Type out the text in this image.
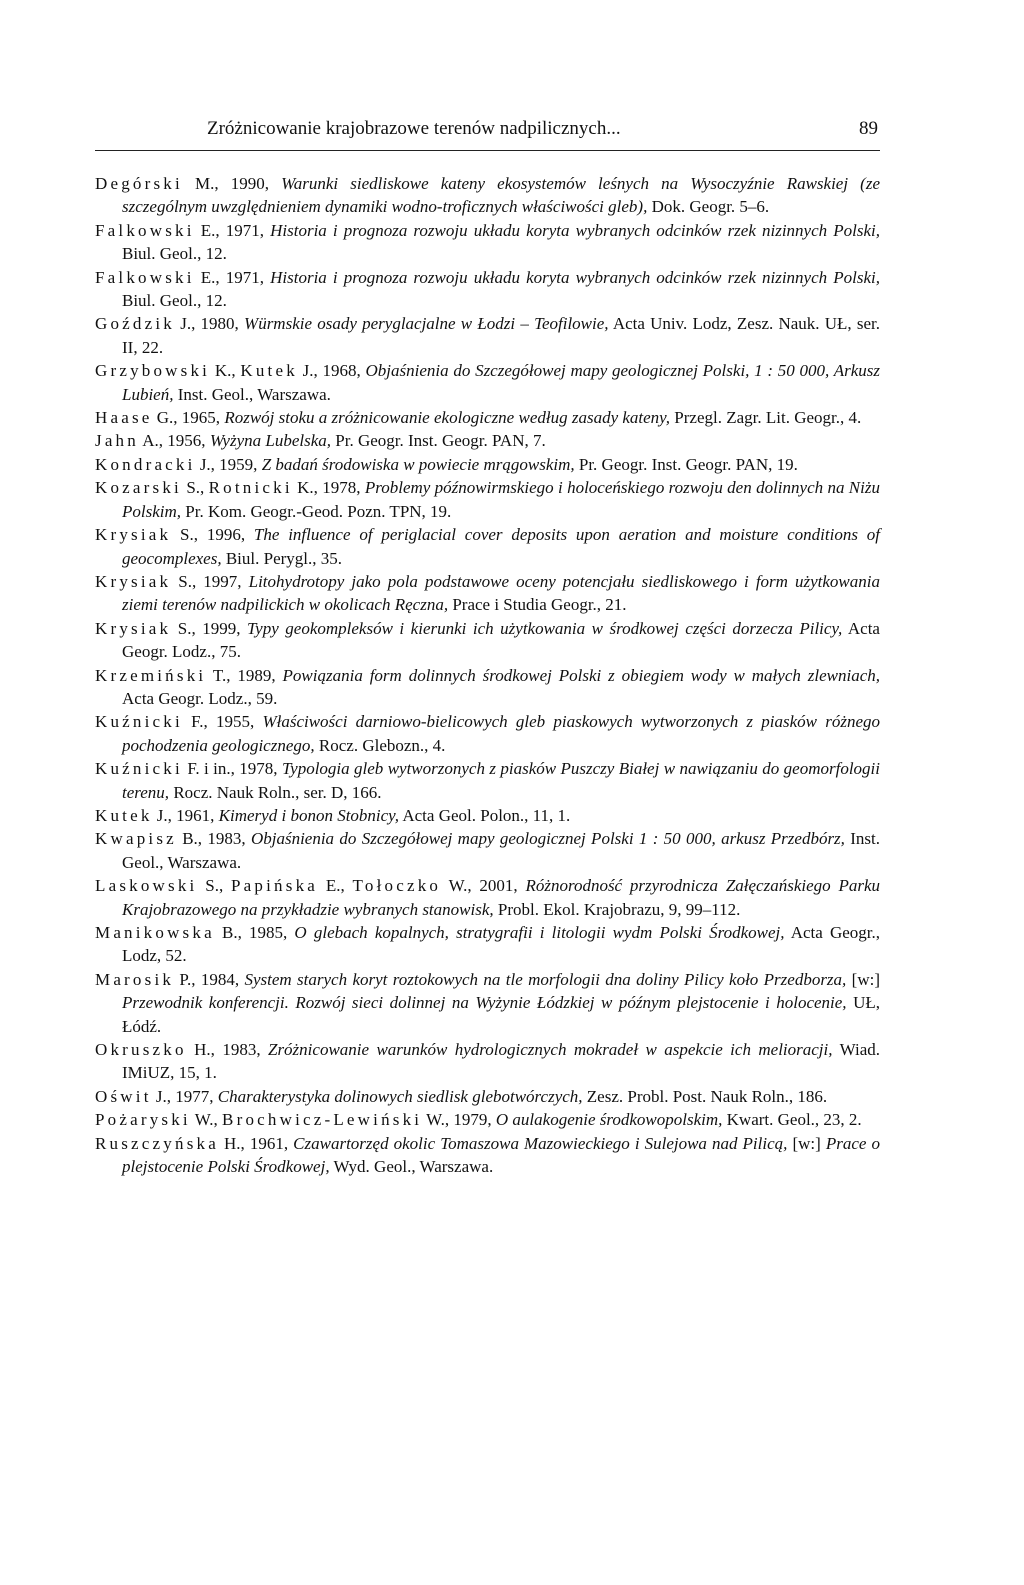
Zróżnicowanie krajobrazowe terenów nadpilicznych...	89
Degórski M., 1990, Warunki siedliskowe kateny ekosystemów leśnych na Wysoczyźnie Rawskiej (ze szczególnym uwzględnieniem dynamiki wodno-troficznych właściwości gleb), Dok. Geogr. 5–6.
Falkowski E., 1971, Historia i prognoza rozwoju układu koryta wybranych odcinków rzek nizinnych Polski, Biul. Geol., 12.
Falkowski E., 1971, Historia i prognoza rozwoju układu koryta wybranych odcinków rzek nizinnych Polski, Biul. Geol., 12.
Goździk J., 1980, Würmskie osady peryglacjalne w Łodzi – Teofilowie, Acta Univ. Lodz, Zesz. Nauk. UŁ, ser. II, 22.
Grzybowski K., Kutek J., 1968, Objaśnienia do Szczegółowej mapy geologicznej Polski, 1 : 50 000, Arkusz Lubień, Inst. Geol., Warszawa.
Haase G., 1965, Rozwój stoku a zróżnicowanie ekologiczne według zasady kateny, Przegl. Zagr. Lit. Geogr., 4.
Jahn A., 1956, Wyżyna Lubelska, Pr. Geogr. Inst. Geogr. PAN, 7.
Kondracki J., 1959, Z badań środowiska w powiecie mrągowskim, Pr. Geogr. Inst. Geogr. PAN, 19.
Kozarski S., Rotnicki K., 1978, Problemy późnowirmskiego i holoceńskiego rozwoju den dolinnych na Niżu Polskim, Pr. Kom. Geogr.-Geod. Pozn. TPN, 19.
Krysiak S., 1996, The influence of periglacial cover deposits upon aeration and moisture conditions of geocomplexes, Biul. Perygl., 35.
Krysiak S., 1997, Litohydrotopy jako pola podstawowe oceny potencjału siedliskowego i form użytkowania ziemi terenów nadpilickich w okolicach Ręczna, Prace i Studia Geogr., 21.
Krysiak S., 1999, Typy geokompleksów i kierunki ich użytkowania w środkowej części dorzecza Pilicy, Acta Geogr. Lodz., 75.
Krzemiński T., 1989, Powiązania form dolinnych środkowej Polski z obiegiem wody w małych zlewniach, Acta Geogr. Lodz., 59.
Kuźnicki F., 1955, Właściwości darniowo-bielicowych gleb piaskowych wytworzonych z piasków różnego pochodzenia geologicznego, Rocz. Glebozn., 4.
Kuźnicki F. i in., 1978, Typologia gleb wytworzonych z piasków Puszczy Białej w nawiązaniu do geomorfologii terenu, Rocz. Nauk Roln., ser. D, 166.
Kutek J., 1961, Kimeryd i bonon Stobnicy, Acta Geol. Polon., 11, 1.
Kwapisz B., 1983, Objaśnienia do Szczegółowej mapy geologicznej Polski 1 : 50 000, arkusz Przedbórz, Inst. Geol., Warszawa.
Laskowski S., Papińska E., Tołoczko W., 2001, Różnorodność przyrodnicza Załęczańskiego Parku Krajobrazowego na przykładzie wybranych stanowisk, Probl. Ekol. Krajobrazu, 9, 99–112.
Manikowska B., 1985, O glebach kopalnych, stratygrafii i litologii wydm Polski Środkowej, Acta Geogr., Lodz, 52.
Marosik P., 1984, System starych koryt roztokowych na tle morfologii dna doliny Pilicy koło Przedborza, [w:] Przewodnik konferencji. Rozwój sieci dolinnej na Wyżynie Łódzkiej w późnym plejstocenie i holocenie, UŁ, Łódź.
Okruszko H., 1983, Zróżnicowanie warunków hydrologicznych mokradeł w aspekcie ich melioracji, Wiad. IMiUZ, 15, 1.
Oświt J., 1977, Charakterystyka dolinowych siedlisk glebotwórczych, Zesz. Probl. Post. Nauk Roln., 186.
Pożaryski W., Brochwicz-Lewiński W., 1979, O aulakogenie środkowopolskim, Kwart. Geol., 23, 2.
Ruszczyńska H., 1961, Czawartorzęd okolic Tomaszowa Mazowieckiego i Sulejowa nad Pilicą, [w:] Prace o plejstocenie Polski Środkowej, Wyd. Geol., Warszawa.
